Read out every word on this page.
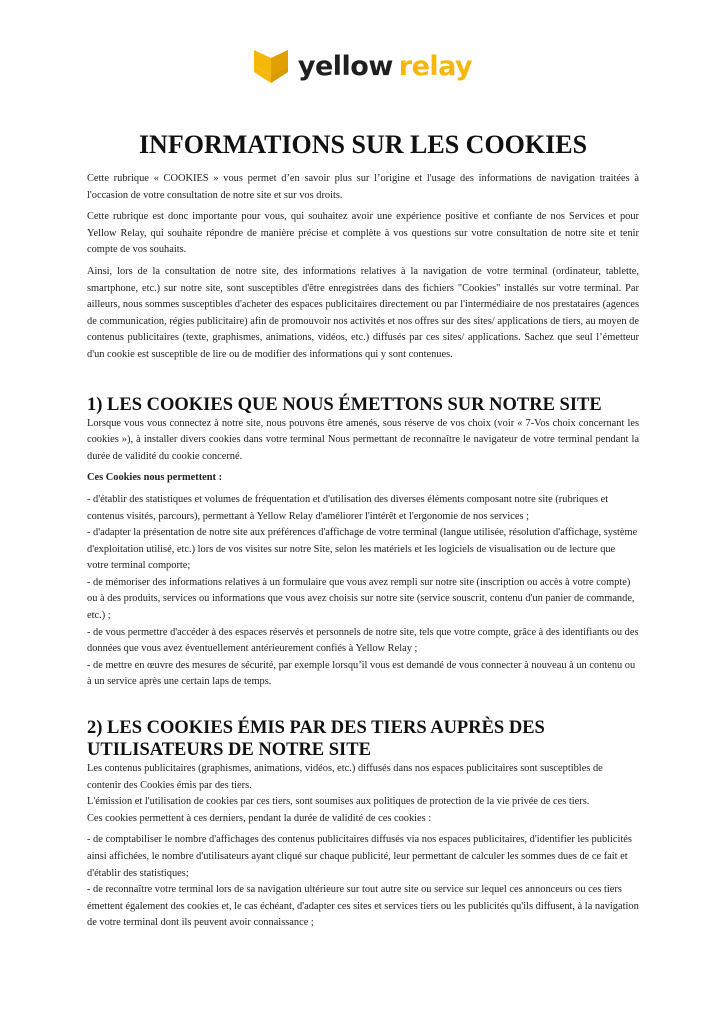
yellow relay
INFORMATIONS SUR LES COOKIES

Cette rubrique « COOKIES » vous permet d’en savoir plus sur l’origine et l'usage des informations de navigation traitées à l'occasion de votre consultation de notre site et sur vos droits.

Cette rubrique est donc importante pour vous, qui souhaitez avoir une expérience positive et confiante de nos Services et pour Yellow Relay, qui souhaite répondre de manière précise et complète à vos questions sur votre consultation de notre site et tenir compte de vos souhaits.

Ainsi, lors de la consultation de notre site, des informations relatives à la navigation de votre terminal (ordinateur, tablette, smartphone, etc.) sur notre site, sont susceptibles d'être enregistrées dans des fichiers "Cookies" installés sur votre terminal. Par ailleurs, nous sommes susceptibles d'acheter des espaces publicitaires directement ou par l'intermédiaire de nos prestataires (agences de communication, régies publicitaire) afin de promouvoir nos activités et nos offres sur des sites/ applications de tiers, au moyen de contenus publicitaires (texte, graphismes, animations, vidéos, etc.) diffusés par ces sites/ applications. Sachez que seul l’émetteur d'un cookie est susceptible de lire ou de modifier des informations qui y sont contenues.

1) LES COOKIES QUE NOUS ÉMETTONS SUR NOTRE SITE

Lorsque vous vous connectez à notre site, nous pouvons être amenés, sous réserve de vos choix (voir « 7-Vos choix concernant les cookies »), à installer divers cookies dans votre terminal Nous permettant de reconnaître le navigateur de votre terminal pendant la durée de validité du cookie concerné.

Ces Cookies nous permettent :

- d'établir des statistiques et volumes de fréquentation et d'utilisation des diverses éléments composant notre site (rubriques et contenus visités, parcours), permettant à Yellow Relay d'améliorer l'intérêt et l'ergonomie de nos services ;

- d'adapter la présentation de notre site aux préférences d'affichage de votre terminal (langue utilisée, résolution d'affichage, système d'exploitation utilisé, etc.) lors de vos visites sur notre Site, selon les matériels et les logiciels de visualisation ou de lecture que votre terminal comporte;

- de mémoriser des informations relatives à un formulaire que vous avez rempli sur notre site (inscription ou accès à votre compte) ou à des produits, services ou informations que vous avez choisis sur notre site (service souscrit, contenu d'un panier de commande, etc.) ;

- de vous permettre d'accéder à des espaces réservés et personnels de notre site, tels que votre compte, grâce à des identifiants ou des données que vous avez éventuellement antérieurement confiés à Yellow Relay ;

- de mettre en œuvre des mesures de sécurité, par exemple lorsqu’il vous est demandé de vous connecter à nouveau à un contenu ou à un service après une certain laps de temps.

2) LES COOKIES ÉMIS PAR DES TIERS AUPRÈS DES
UTILISATEURS DE NOTRE SITE

Les contenus publicitaires (graphismes, animations, vidéos, etc.) diffusés dans nos espaces publicitaires sont susceptibles de contenir des Cookies émis par des tiers.

L'émission et l'utilisation de cookies par ces tiers, sont soumises aux politiques de protection de la vie privée de ces tiers.

Ces cookies permettent à ces derniers, pendant la durée de validité de ces cookies :

- de comptabiliser le nombre d'affichages des contenus publicitaires diffusés via nos espaces publicitaires, d'identifier les publicités ainsi affichées, le nombre d'utilisateurs ayant cliqué sur chaque publicité, leur permettant de calculer les sommes dues de ce fait et d'établir des statistiques;

- de reconnaître votre terminal lors de sa navigation ultérieure sur tout autre site ou service sur lequel ces annonceurs ou ces tiers émettent également des cookies et, le cas échéant, d'adapter ces sites et services tiers ou les publicités qu'ils diffusent, à la navigation de votre terminal dont ils peuvent avoir connaissance ;
